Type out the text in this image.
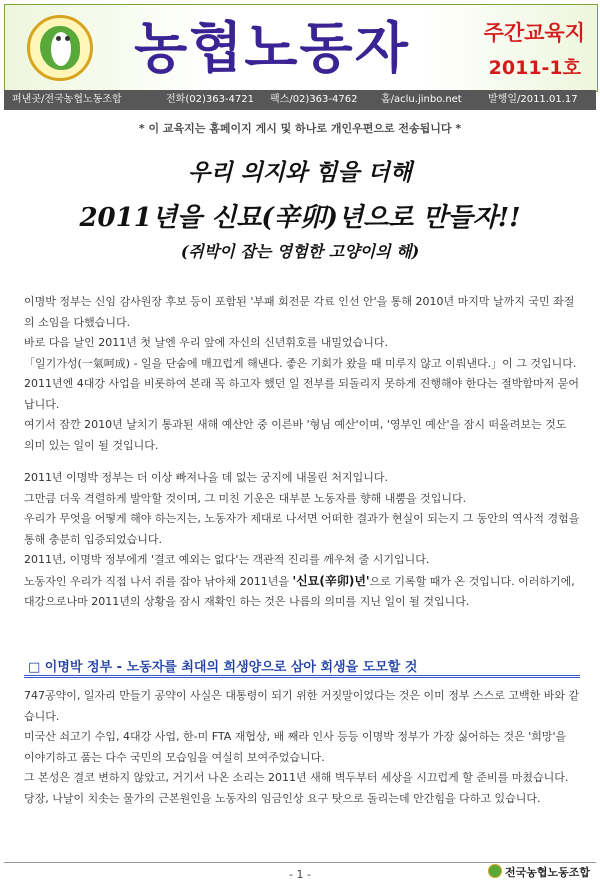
농협노동자	주간교육지
2011-1호
펴낸곳/전국농협노동조합	전화(02)363-4721 팩스/02)363-4762 홈/aclu.jinbo.net	발행일/2011.01.17
* 이 교육지는 홈페이지 게시 및 하나로 개인우편으로 전송됩니다 *
우리 의지와 힘을 더해
2011년을 신묘(辛卯)년으로 만들자!!
(쥐박이 잡는 영험한 고양이의 해)

이명박 정부는 신임 감사원장 후보 등이 포함된 '부패 회전문 각료 인선 안'을 통해 2010년 마지막 날까지 국민 좌절의 소임을 다했습니다.

바로 다음 날인 2011년 첫 날엔 우리 앞에 자신의 신년휘호를 내밀었습니다.

「일기가성(一氣呵成) - 일을 단숨에 매끄럽게 해낸다. 좋은 기회가 왔을 때 미루지 않고 이뤄낸다.」이 그 것입니다. 2011년엔 4대강 사업을 비롯하여 본래 꼭 하고자 했던 일 전부를 되돌리지 못하게 진행해야 한다는 절박함마저 묻어납니다.

여기서 잠깐 2010년 날치기 통과된 새해 예산안 중 이른바 '형님 예산'이며, '영부인 예산'을 잠시 떠올려보는 것도 의미 있는 일이 될 것입니다.

2011년 이명박 정부는 더 이상 빠져나올 데 없는 궁지에 내몰린 처지입니다.

그만큼 더욱 격렬하게 발악할 것이며, 그 미친 기운은 대부분 노동자를 향해 내뿜을 것입니다.

우리가 무엇을 어떻게 해야 하는지는, 노동자가 제대로 나서면 어떠한 결과가 현실이 되는지 그 동안의 역사적 경험을 통해 충분히 입증되었습니다.

2011년, 이명박 정부에게 '결코 예외는 없다'는 객관적 진리를 깨우쳐 줄 시기입니다.

노동자인 우리가 직접 나서 쥐를 잡아 낚아채 2011년을 '신묘(辛卯)년'으로 기록할 때가 온 것입니다. 이러하기에, 대강으로나마 2011년의 상황을 잠시 재확인 하는 것은 나름의 의미를 지닌 일이 될 것입니다.

□ 이명박 정부 - 노동자를 최대의 희생양으로 삼아 회생을 도모할 것

747공약이, 일자리 만들기 공약이 사실은 대통령이 되기 위한 거짓말이었다는 것은 이미 정부 스스로 고백한 바와 같습니다.

미국산 쇠고기 수입, 4대강 사업, 한-미 FTA 재협상, 배 째라 인사 등등 이명박 정부가 가장 싫어하는 것은 '희망'을 이야기하고 품는 다수 국민의 모습임을 여실히 보여주었습니다.

그 본성은 결코 변하지 않았고, 거기서 나온 소리는 2011년 새해 벽두부터 세상을 시끄럽게 할 준비를 마쳤습니다.

당장, 나날이 치솟는 물가의 근본원인을 노동자의 임금인상 요구 탓으로 돌리는데 안간힘을 다하고 있습니다.

- 1 -	전국농협노동조합
